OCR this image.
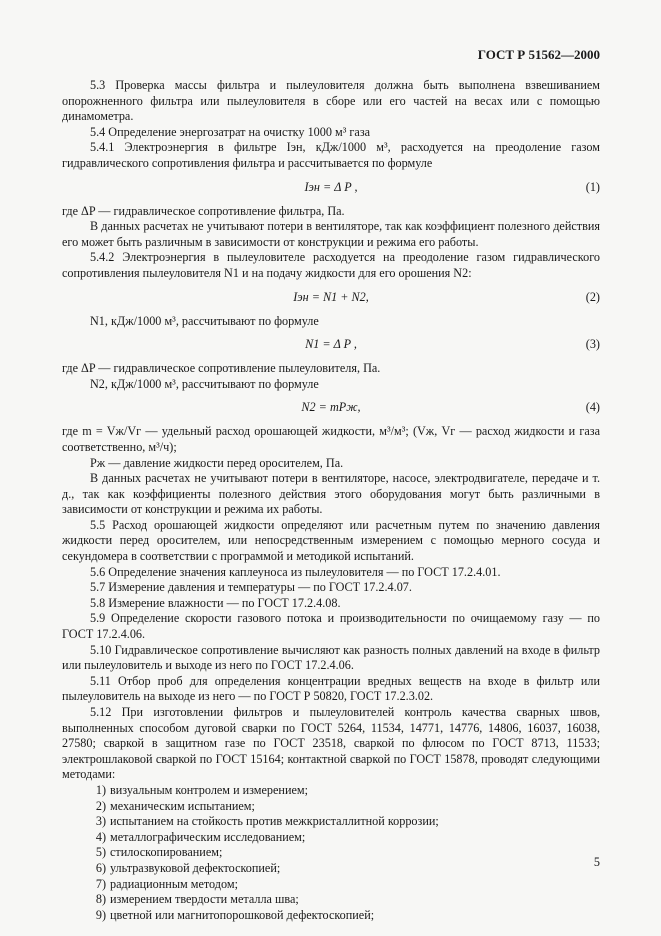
ГОСТ Р 51562—2000

5.3 Проверка массы фильтра и пылеуловителя должна быть выполнена взвешиванием опорожненного фильтра или пылеуловителя в сборе или его частей на весах или с помощью динамометра.

5.4 Определение энергозатрат на очистку 1000 м³ газа

5.4.1 Электроэнергия в фильтре Iэн, кДж/1000 м³, расходуется на преодоление газом гидравлического сопротивления фильтра и рассчитывается по формуле

Iэн = Δ P ,	(1)

где ΔP — гидравлическое сопротивление фильтра, Па.

В данных расчетах не учитывают потери в вентиляторе, так как коэффициент полезного действия его может быть различным в зависимости от конструкции и режима его работы.

5.4.2 Электроэнергия в пылеуловителе расходуется на преодоление газом гидравлического сопротивления пылеуловителя N1 и на подачу жидкости для его орошения N2:

Iэн = N1 + N2,	(2)

N1, кДж/1000 м³, рассчитывают по формуле

N1 = Δ P ,	(3)

где ΔP — гидравлическое сопротивление пылеуловителя, Па.

N2, кДж/1000 м³, рассчитывают по формуле

N2 = mPж,	(4)

где m = Vж/Vг — удельный расход орошающей жидкости, м³/м³; (Vж, Vг — расход жидкости и газа соответственно, м³/ч);

Pж — давление жидкости перед оросителем, Па.

В данных расчетах не учитывают потери в вентиляторе, насосе, электродвигателе, передаче и т. д., так как коэффициенты полезного действия этого оборудования могут быть различными в зависимости от конструкции и режима их работы.

5.5 Расход орошающей жидкости определяют или расчетным путем по значению давления жидкости перед оросителем, или непосредственным измерением с помощью мерного сосуда и секундомера в соответствии с программой и методикой испытаний.

5.6 Определение значения каплеуноса из пылеуловителя — по ГОСТ 17.2.4.01.

5.7 Измерение давления и температуры — по ГОСТ 17.2.4.07.

5.8 Измерение влажности — по ГОСТ 17.2.4.08.

5.9 Определение скорости газового потока и производительности по очищаемому газу — по ГОСТ 17.2.4.06.

5.10 Гидравлическое сопротивление вычисляют как разность полных давлений на входе в фильтр или пылеуловитель и выходе из него по ГОСТ 17.2.4.06.

5.11 Отбор проб для определения концентрации вредных веществ на входе в фильтр или пылеуловитель на выходе из него — по ГОСТ Р 50820, ГОСТ 17.2.3.02.

5.12 При изготовлении фильтров и пылеуловителей контроль качества сварных швов, выполненных способом дуговой сварки по ГОСТ 5264, 11534, 14771, 14776, 14806, 16037, 16038, 27580; сваркой в защитном газе по ГОСТ 23518, сваркой по флюсом по ГОСТ 8713, 11533; электрошлаковой сваркой по ГОСТ 15164; контактной сваркой по ГОСТ 15878, проводят следующими методами:

1) визуальным контролем и измерением;
2) механическим испытанием;
3) испытанием на стойкость против межкристаллитной коррозии;
4) металлографическим исследованием;
5) стилоскопированием;
6) ультразвуковой дефектоскопией;
7) радиационным методом;
8) измерением твердости металла шва;
9) цветной или магнитопорошковой дефектоскопией;
5
